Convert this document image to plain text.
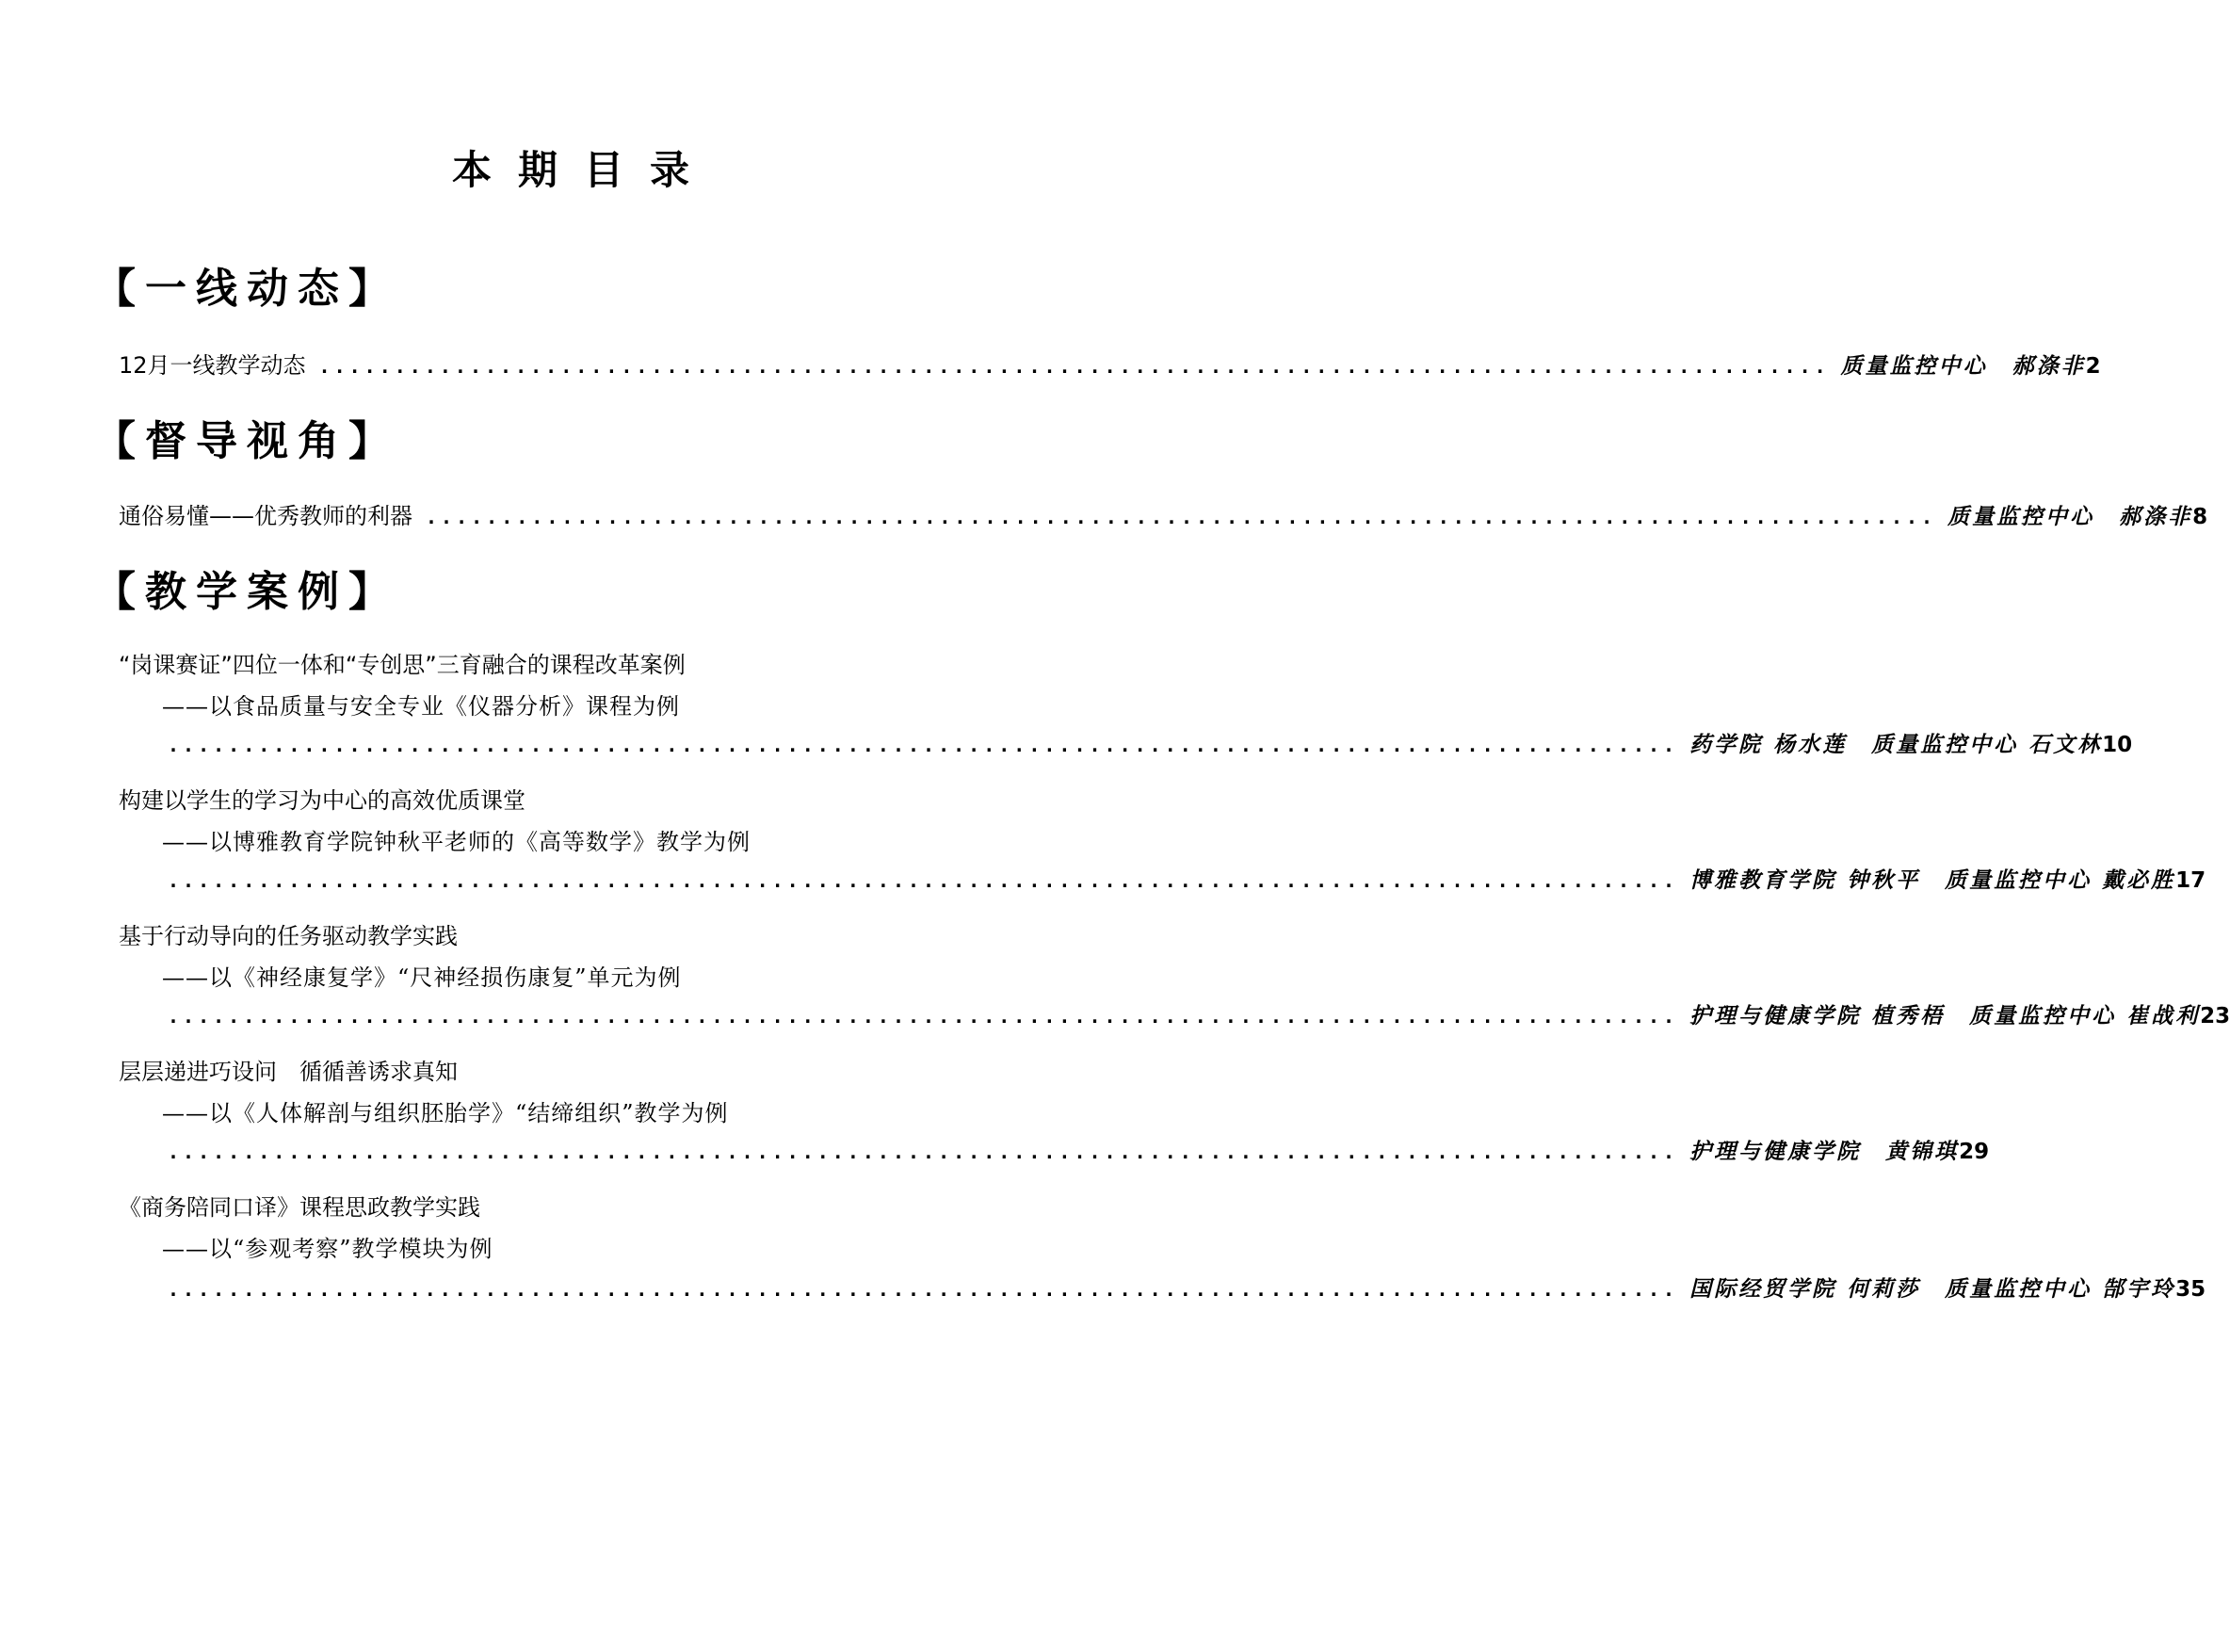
本期目录
【一线动态】
12月一线教学动态 .................................................................................................... 质量监控中心　郝涤非 2
【督导视角】
通俗易懂——优秀教师的利器 .................................................................................................... 质量监控中心　郝涤非 8
【教学案例】
“岗课赛证”四位一体和“专创思”三育融合的课程改革案例
——以食品质量与安全专业《仪器分析》课程为例
.................................................................................................... 药学院 杨水莲　质量监控中心 石文林 10
构建以学生的学习为中心的高效优质课堂
——以博雅教育学院钟秋平老师的《高等数学》教学为例
.................................................................................................... 博雅教育学院 钟秋平　质量监控中心 戴必胜 17
基于行动导向的任务驱动教学实践
——以《神经康复学》“尺神经损伤康复”单元为例
.................................................................................................... 护理与健康学院 植秀梧　质量监控中心 崔战利 23
层层递进巧设问　循循善诱求真知
——以《人体解剖与组织胚胎学》“结缔组织”教学为例
.................................................................................................... 护理与健康学院　黄锦琪 29
《商务陪同口译》课程思政教学实践
——以“参观考察”教学模块为例
.................................................................................................... 国际经贸学院 何莉莎　质量监控中心 郜宇玲 35
